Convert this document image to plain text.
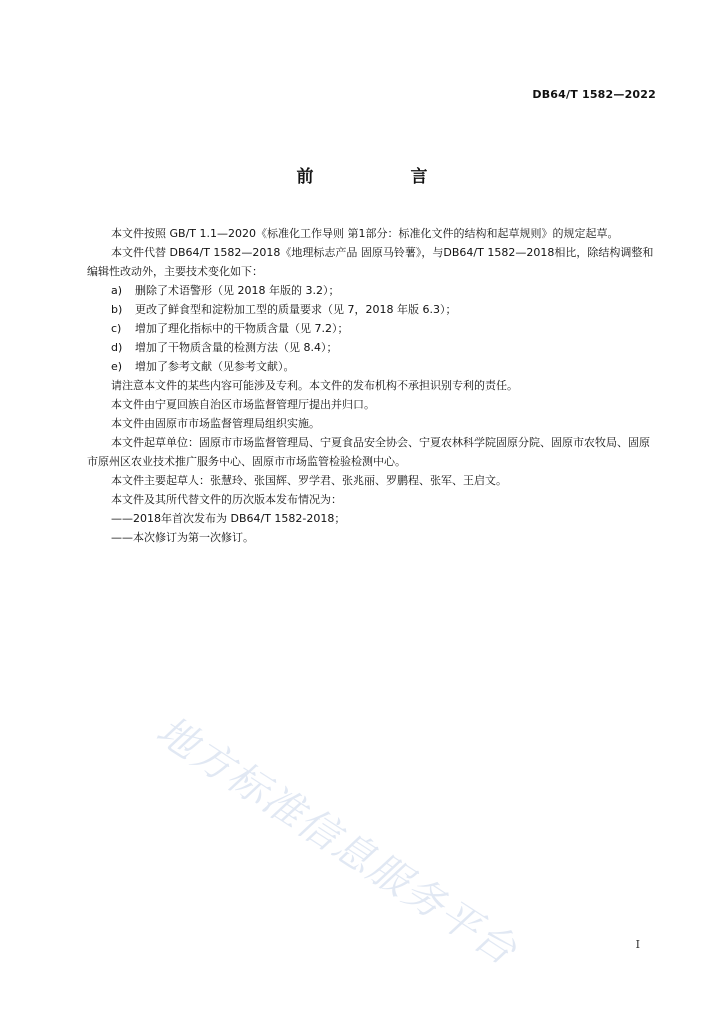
DB64/T 1582—2022
前　言

本文件按照 GB/T 1.1—2020《标准化工作导则 第1部分：标准化文件的结构和起草规则》的规定起草。

本文件代替 DB64/T 1582—2018《地理标志产品 固原马铃薯》，与DB64/T 1582—2018相比，除结构调整和编辑性改动外，主要技术变化如下：

a)	删除了术语警形（见 2018 年版的 3.2）；
b)	更改了鲜食型和淀粉加工型的质量要求（见 7，2018 年版 6.3）；
c)	增加了理化指标中的干物质含量（见 7.2）；
d)	增加了干物质含量的检测方法（见 8.4）；
e)	增加了参考文献（见参考文献）。

请注意本文件的某些内容可能涉及专利。本文件的发布机构不承担识别专利的责任。

本文件由宁夏回族自治区市场监督管理厅提出并归口。

本文件由固原市市场监督管理局组织实施。

本文件起草单位：固原市市场监督管理局、宁夏食品安全协会、宁夏农林科学院固原分院、固原市农牧局、固原市原州区农业技术推广服务中心、固原市市场监管检验检测中心。

本文件主要起草人：张慧玲、张国辉、罗学君、张兆丽、罗鹏程、张军、王启文。

本文件及其所代替文件的历次版本发布情况为：

——2018年首次发布为 DB64/T 1582-2018；

——本次修订为第一次修订。

地方标准信息服务平台	I
